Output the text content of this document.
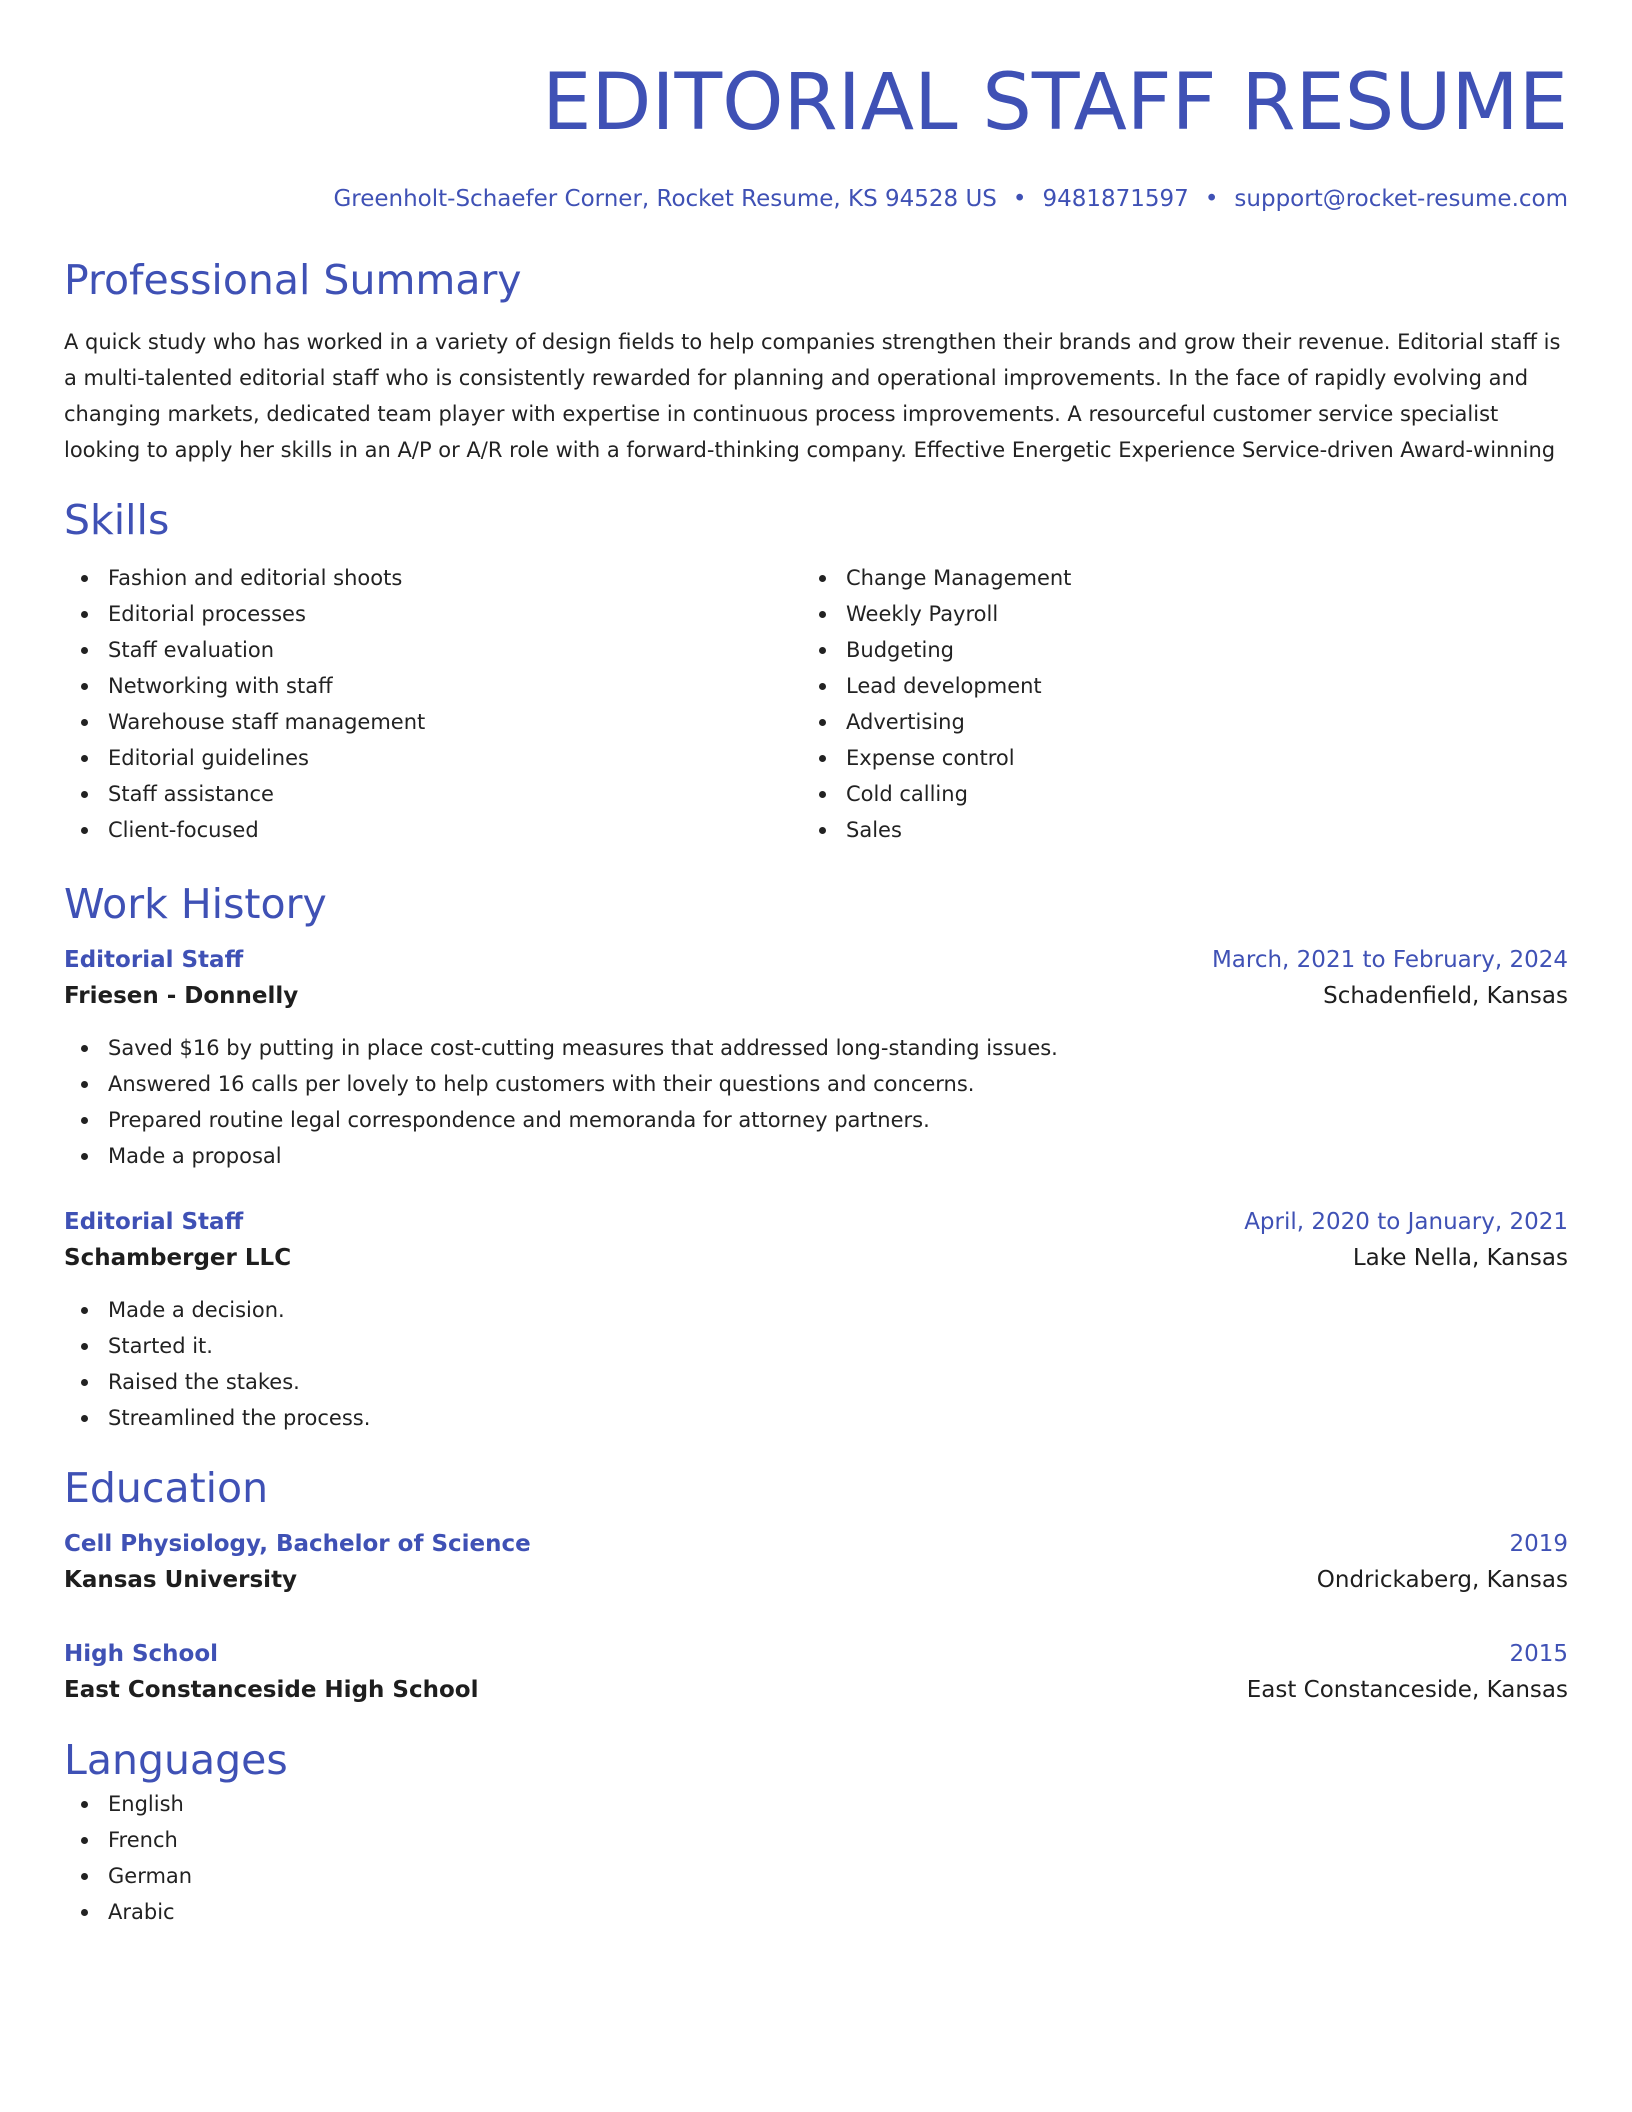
EDITORIAL STAFF RESUME
Greenholt-Schaefer Corner, Rocket Resume, KS 94528 US • 9481871597 • support@rocket-resume.com
Professional Summary
A quick study who has worked in a variety of design fields to help companies strengthen their brands and grow their revenue. Editorial staff is a multi-talented editorial staff who is consistently rewarded for planning and operational improvements. In the face of rapidly evolving and changing markets, dedicated team player with expertise in continuous process improvements. A resourceful customer service specialist looking to apply her skills in an A/P or A/R role with a forward-thinking company. Effective Energetic Experience Service-driven Award-winning
Skills
Fashion and editorial shoots
Editorial processes
Staff evaluation
Networking with staff
Warehouse staff management
Editorial guidelines
Staff assistance
Client-focused
Change Management
Weekly Payroll
Budgeting
Lead development
Advertising
Expense control
Cold calling
Sales
Work History
Editorial Staff	March, 2021 to February, 2024
Friesen - Donnelly	Schadenfield, Kansas
Saved $16 by putting in place cost-cutting measures that addressed long-standing issues.
Answered 16 calls per lovely to help customers with their questions and concerns.
Prepared routine legal correspondence and memoranda for attorney partners.
Made a proposal
Editorial Staff	April, 2020 to January, 2021
Schamberger LLC	Lake Nella, Kansas
Made a decision.
Started it.
Raised the stakes.
Streamlined the process.
Education
Cell Physiology, Bachelor of Science	2019
Kansas University	Ondrickaberg, Kansas
High School	2015
East Constanceside High School	East Constanceside, Kansas
Languages
English
French
German
Arabic
